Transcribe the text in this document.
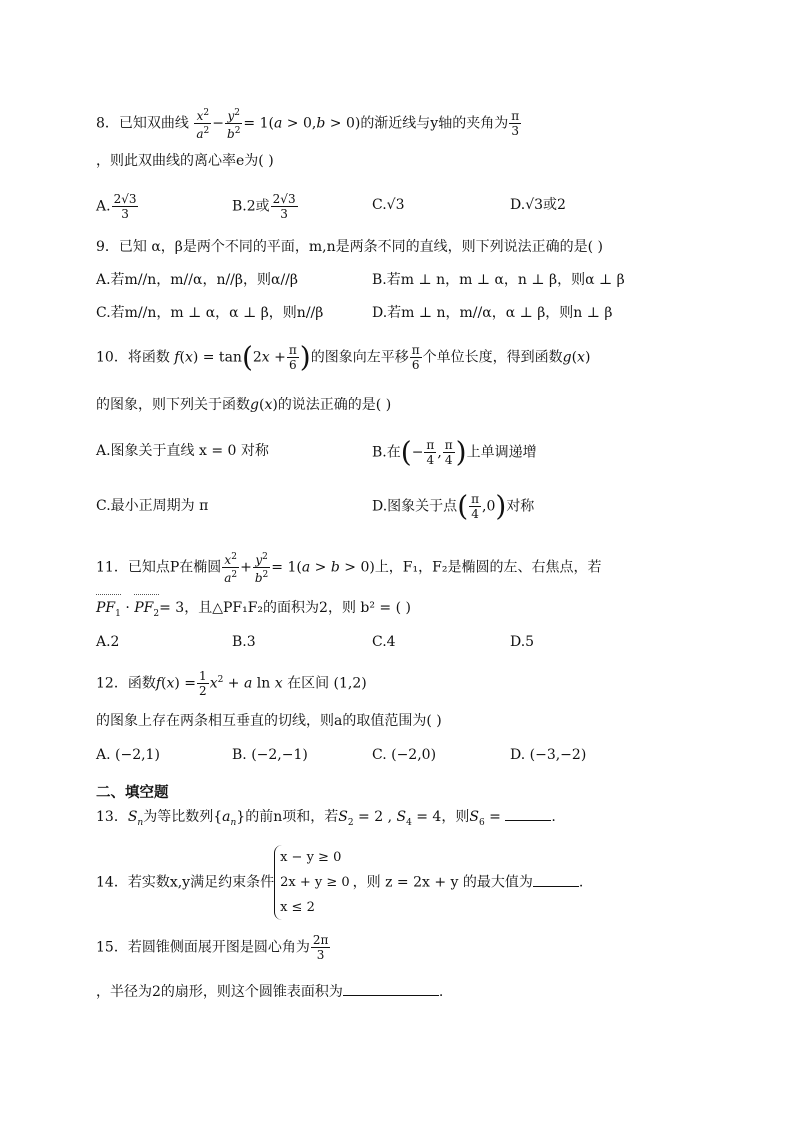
8．已知双曲线 $\frac{x^2}{a^2} - \frac{y^2}{b^2} = 1(a > 0,b > 0)$的渐近线与y轴的夹角为 $\frac{\pi}{3}$
，则此双曲线的离心率e为( )
A. $\frac{2√3}{3}$	B.2或 $\frac{2√3}{3}$	C.√3	D.√3或2
9．已知 α，β是两个不同的平面，m,n是两条不同的直线，则下列说法正确的是( )
A.若m//n，m//α，n//β，则α//β	B.若m ⊥ n，m ⊥ α，n ⊥ β，则α ⊥ β
C.若m//n，m ⊥ α，α ⊥ β，则n//β	D.若m ⊥ n，m//α，α ⊥ β，则n ⊥ β
10．将函数 $f(x) = \tan(2x + \frac{\pi}{6}$ )的图象向左平移 $\frac{\pi}{6}$ 个单位长度，得到函数g(x)
的图象，则下列关于函数g(x)的说法正确的是( )
A.图象关于直线 x = 0 对称	B.在(− $\frac{\pi}{4}$ , $\frac{\pi}{4}$ )上单调递增
C.最小正周期为 π	D.图象关于点( $\frac{\pi}{4} ,0$)对称
11．已知点P在椭圆 $\frac{x^2}{a^2} + \frac{y^2}{b^2} = 1(a > b > 0)$上，F₁，F₂是椭圆的左、右焦点，若
$PF_1 \cdot PF_2= 3$，且△PF₁F₂的面积为2，则 b² = ( )
A.2	B.3	C.4	D.5
12．函数$f(x) = \frac{1}{2} x^2 + a$ ln x 在区间 (1,2)
的图象上存在两条相互垂直的切线，则a的取值范围为( )
A. (−2,1)	B. (−2,−1)	C. (−2,0)	D. (−3,−2)
二、填空题
13．$S_n$为等比数列$\{a_n\}$的前n项和，若$S_2 = 2$ , $S_4 = 4$，则$S_6$ =	.
14．若实数x,y满足约束条件
x − y ≥ 0
2x + y ≥ 0
x ≤ 2
，则 z = 2x + y 的最大值为	.
15．若圆锥侧面展开图是圆心角为 $\frac{2\pi}{3}$
，半径为2的扇形，则这个圆锥表面积为	.
